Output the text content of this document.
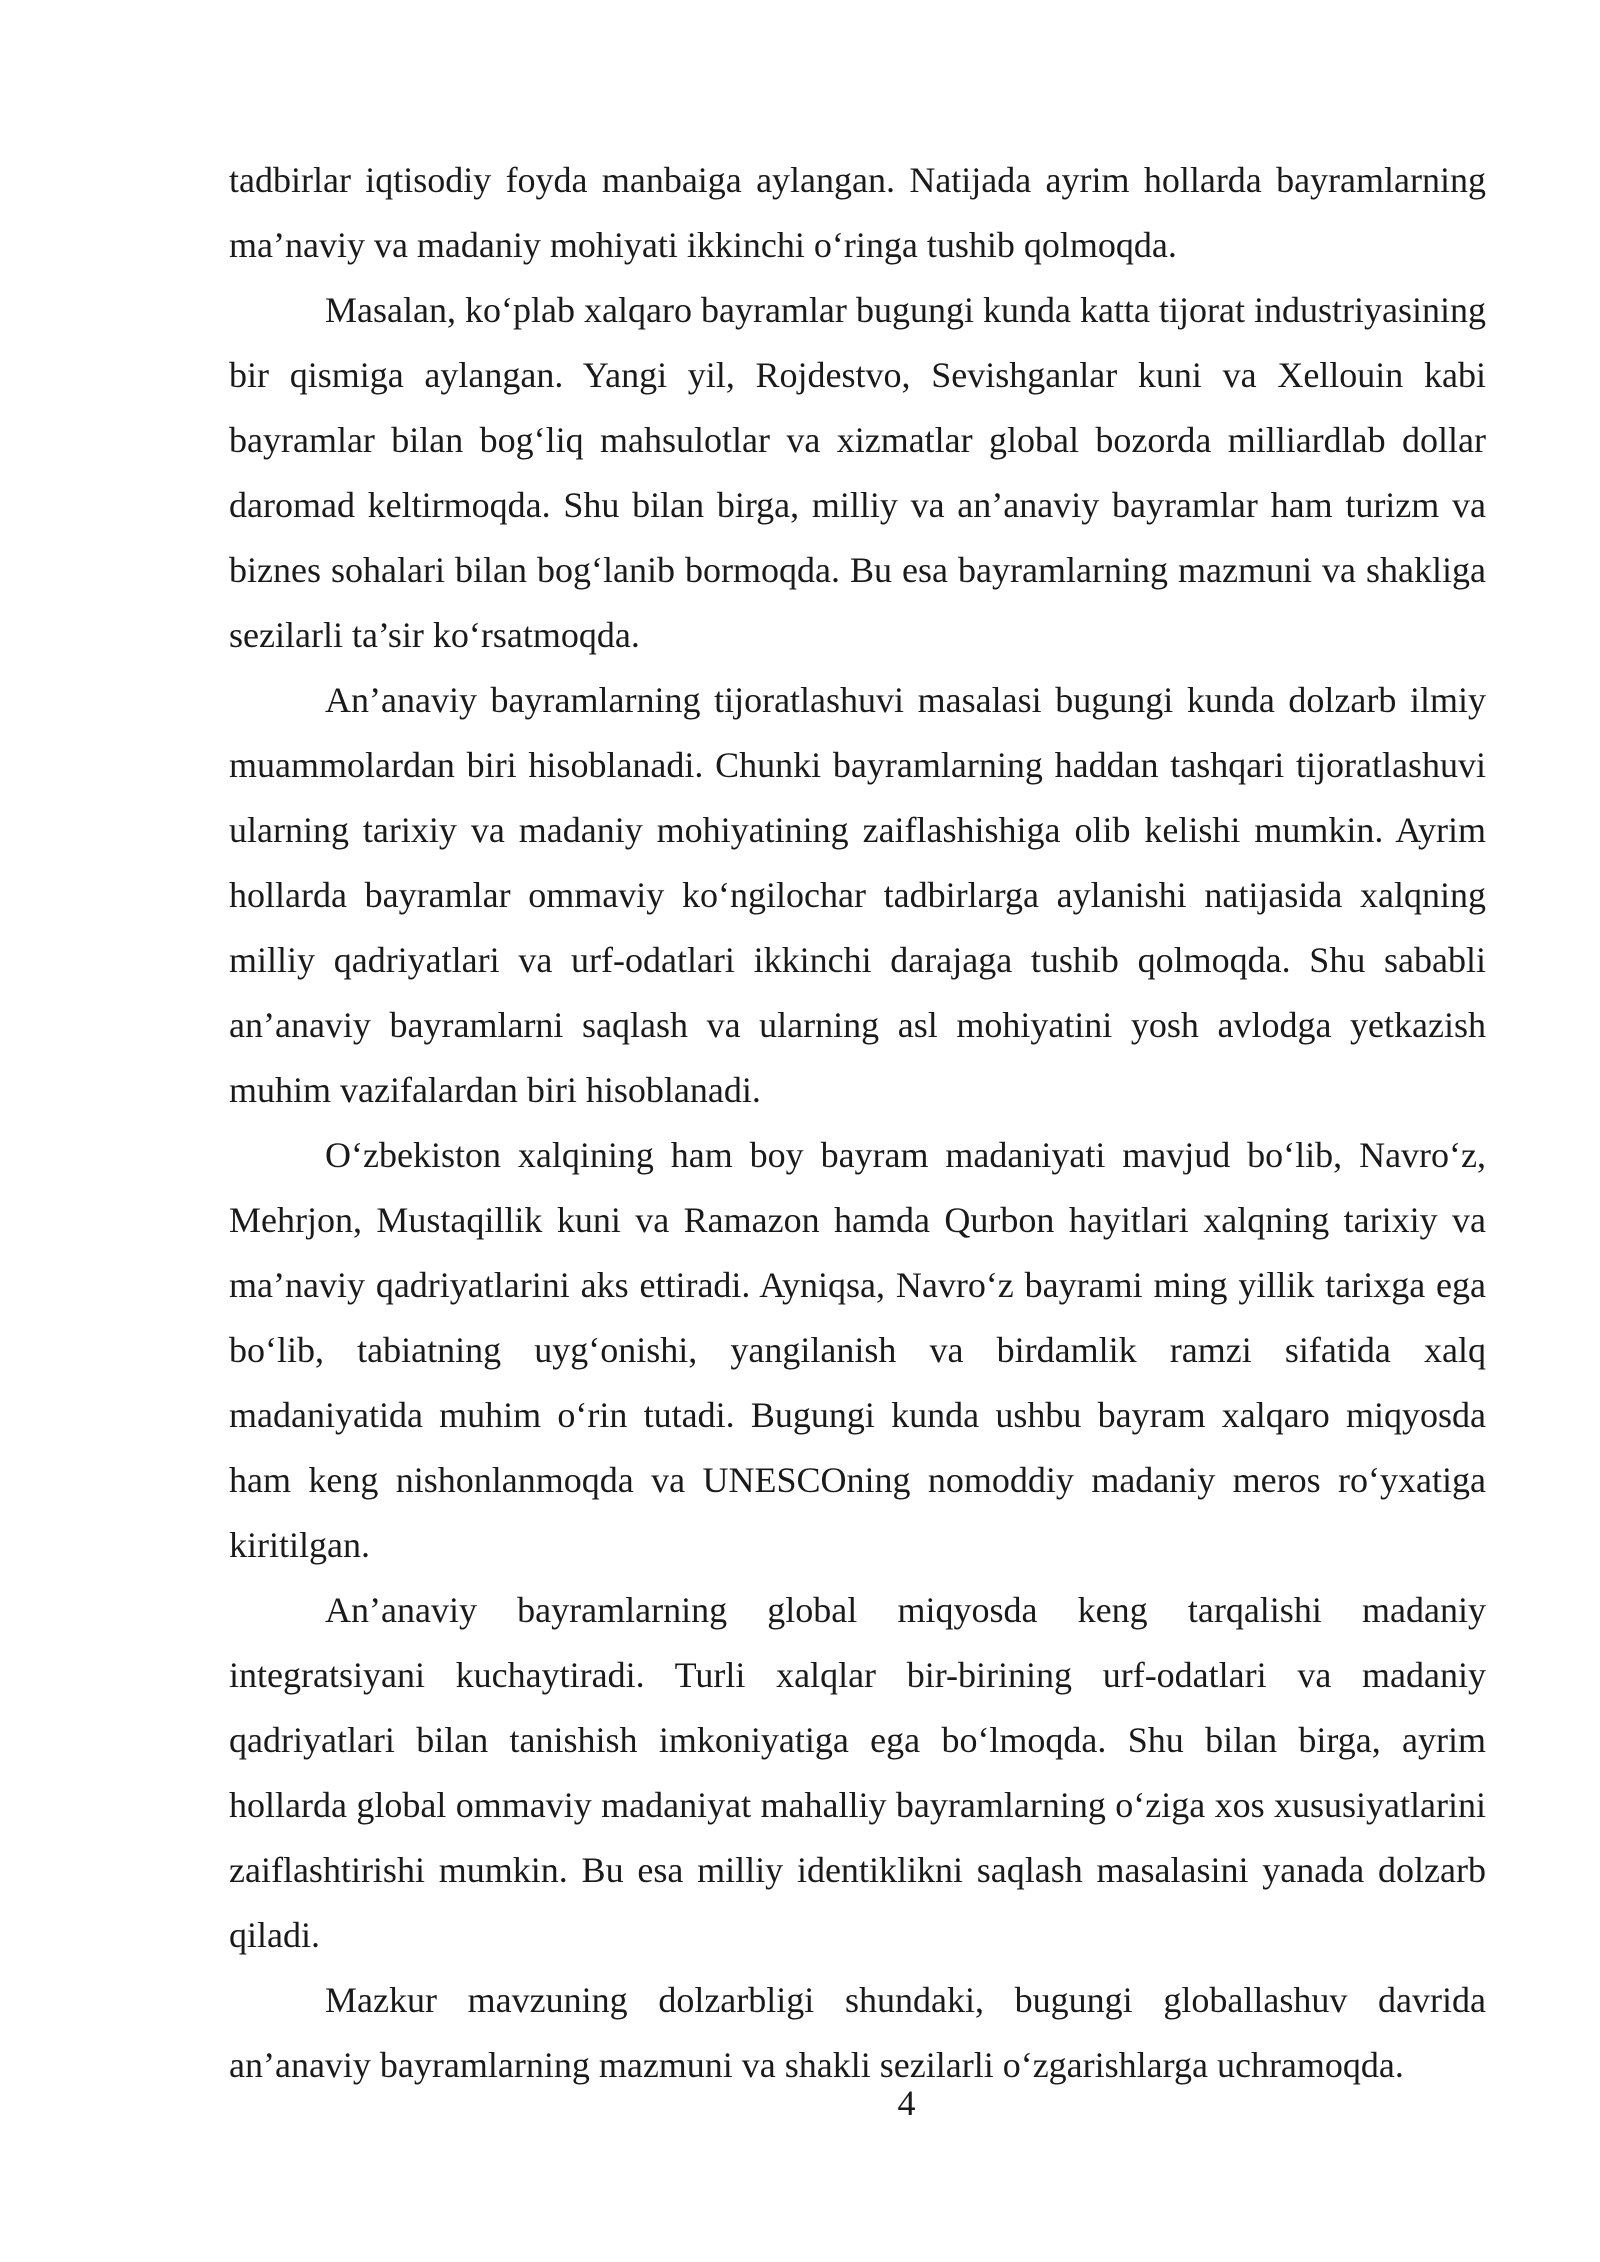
tadbirlar iqtisodiy foyda manbaiga aylangan. Natijada ayrim hollarda bayramlarning ma’naviy va madaniy mohiyati ikkinchi o‘ringa tushib qolmoqda.

Masalan, ko‘plab xalqaro bayramlar bugungi kunda katta tijorat industriyasining bir qismiga aylangan. Yangi yil, Rojdestvo, Sevishganlar kuni va Xellouin kabi bayramlar bilan bog‘liq mahsulotlar va xizmatlar global bozorda milliardlab dollar daromad keltirmoqda. Shu bilan birga, milliy va an’anaviy bayramlar ham turizm va biznes sohalari bilan bog‘lanib bormoqda. Bu esa bayramlarning mazmuni va shakliga sezilarli ta’sir ko‘rsatmoqda.

An’anaviy bayramlarning tijoratlashuvi masalasi bugungi kunda dolzarb ilmiy muammolardan biri hisoblanadi. Chunki bayramlarning haddan tashqari tijoratlashuvi ularning tarixiy va madaniy mohiyatining zaiflashishiga olib kelishi mumkin. Ayrim hollarda bayramlar ommaviy ko‘ngilochar tadbirlarga aylanishi natijasida xalqning milliy qadriyatlari va urf-odatlari ikkinchi darajaga tushib qolmoqda. Shu sababli an’anaviy bayramlarni saqlash va ularning asl mohiyatini yosh avlodga yetkazish muhim vazifalardan biri hisoblanadi.

O‘zbekiston xalqining ham boy bayram madaniyati mavjud bo‘lib, Navro‘z, Mehrjon, Mustaqillik kuni va Ramazon hamda Qurbon hayitlari xalqning tarixiy va ma’naviy qadriyatlarini aks ettiradi. Ayniqsa, Navro‘z bayrami ming yillik tarixga ega bo‘lib, tabiatning uyg‘onishi, yangilanish va birdamlik ramzi sifatida xalq madaniyatida muhim o‘rin tutadi. Bugungi kunda ushbu bayram xalqaro miqyosda ham keng nishonlanmoqda va UNESCOning nomoddiy madaniy meros ro‘yxatiga kiritilgan.

An’anaviy bayramlarning global miqyosda keng tarqalishi madaniy integratsiyani kuchaytiradi. Turli xalqlar bir-birining urf-odatlari va madaniy qadriyatlari bilan tanishish imkoniyatiga ega bo‘lmoqda. Shu bilan birga, ayrim hollarda global ommaviy madaniyat mahalliy bayramlarning o‘ziga xos xususiyatlarini zaiflashtirishi mumkin. Bu esa milliy identiklikni saqlash masalasini yanada dolzarb qiladi.

Mazkur mavzuning dolzarbligi shundaki, bugungi globallashuv davrida an’anaviy bayramlarning mazmuni va shakli sezilarli o‘zgarishlarga uchramoqda.

4
